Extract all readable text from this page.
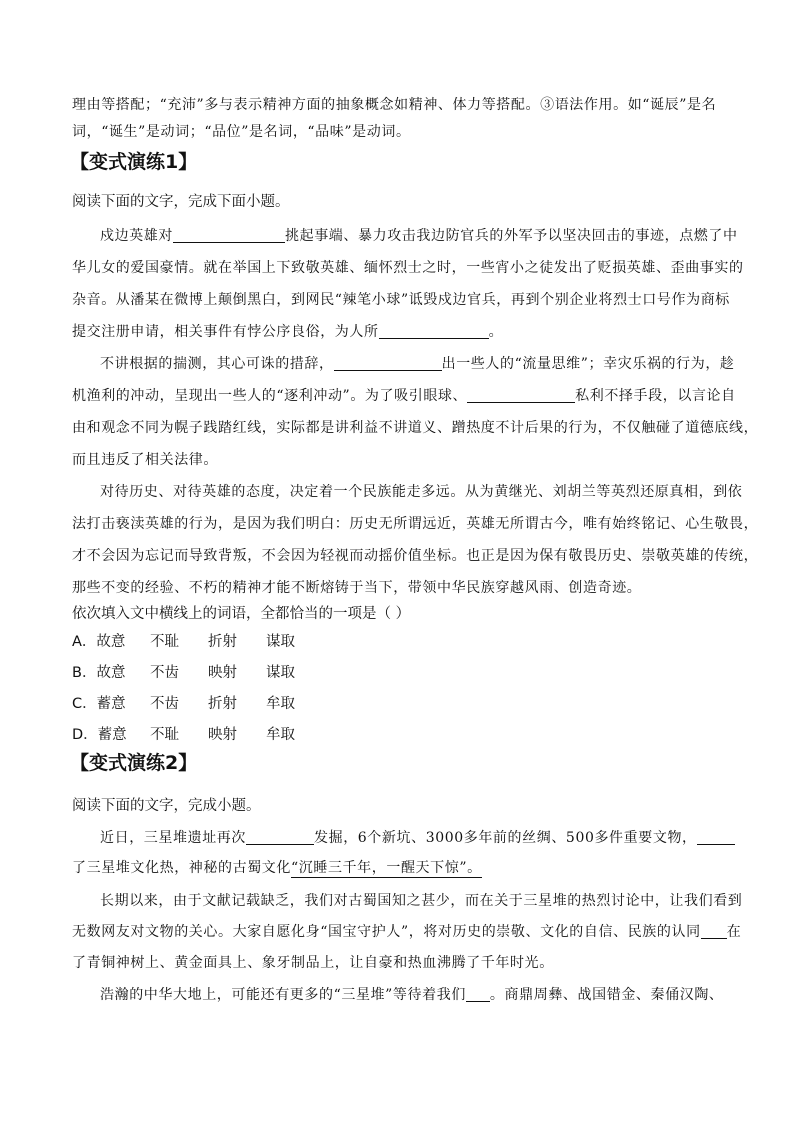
理由等搭配；“充沛”多与表示精神方面的抽象概念如精神、体力等搭配。③语法作用。如“诞辰”是名
词，“诞生”是动词；“品位”是名词，“品味”是动词。
【变式演练1】
阅读下面的文字，完成下面小题。
戍边英雄对	挑起事端、暴力攻击我边防官兵的外军予以坚决回击的事迹，点燃了中
华儿女的爱国豪情。就在举国上下致敬英雄、缅怀烈士之时，一些宵小之徒发出了贬损英雄、歪曲事实的
杂音。从潘某在微博上颠倒黑白，到网民“辣笔小球”诋毁戍边官兵，再到个别企业将烈士口号作为商标
提交注册申请，相关事件有悖公序良俗，为人所	。
不讲根据的揣测，其心可诛的措辞，	出一些人的“流量思维”；幸灾乐祸的行为，趁
机渔利的冲动，呈现出一些人的“逐利冲动”。为了吸引眼球、	私利不择手段，以言论自
由和观念不同为幌子践踏红线，实际都是讲利益不讲道义、蹭热度不计后果的行为，不仅触碰了道德底线，
而且违反了相关法律。
对待历史、对待英雄的态度，决定着一个民族能走多远。从为黄继光、刘胡兰等英烈还原真相，到依
法打击亵渎英雄的行为，是因为我们明白：历史无所谓远近，英雄无所谓古今，唯有始终铭记、心生敬畏，
才不会因为忘记而导致背叛，不会因为轻视而动摇价值坐标。也正是因为保有敬畏历史、崇敬英雄的传统，
那些不变的经验、不朽的精神才能不断熔铸于当下，带领中华民族穿越风雨、创造奇迹。
依次填入文中横线上的词语，全都恰当的一项是（ ）
A．故意 不耻 折射 谋取
B．故意 不齿 映射 谋取
C．蓄意 不齿 折射 牟取
D．蓄意 不耻 映射 牟取
【变式演练2】
阅读下面的文字，完成小题。
近日，三星堆遗址再次	发掘，6个新坑、3000多年前的丝绸、500多件重要文物，
了三星堆文化热，神秘的古蜀文化“沉睡三千年，一醒天下惊”。
长期以来，由于文献记载缺乏，我们对古蜀国知之甚少，而在关于三星堆的热烈讨论中，让我们看到
无数网友对文物的关心。大家自愿化身“国宝守护人”，将对历史的崇敬、文化的自信、民族的认同 在
了青铜神树上、黄金面具上、象牙制品上，让自豪和热血沸腾了千年时光。
浩瀚的中华大地上，可能还有更多的“三星堆”等待着我们 。商鼎周彝、战国错金、秦俑汉陶、
